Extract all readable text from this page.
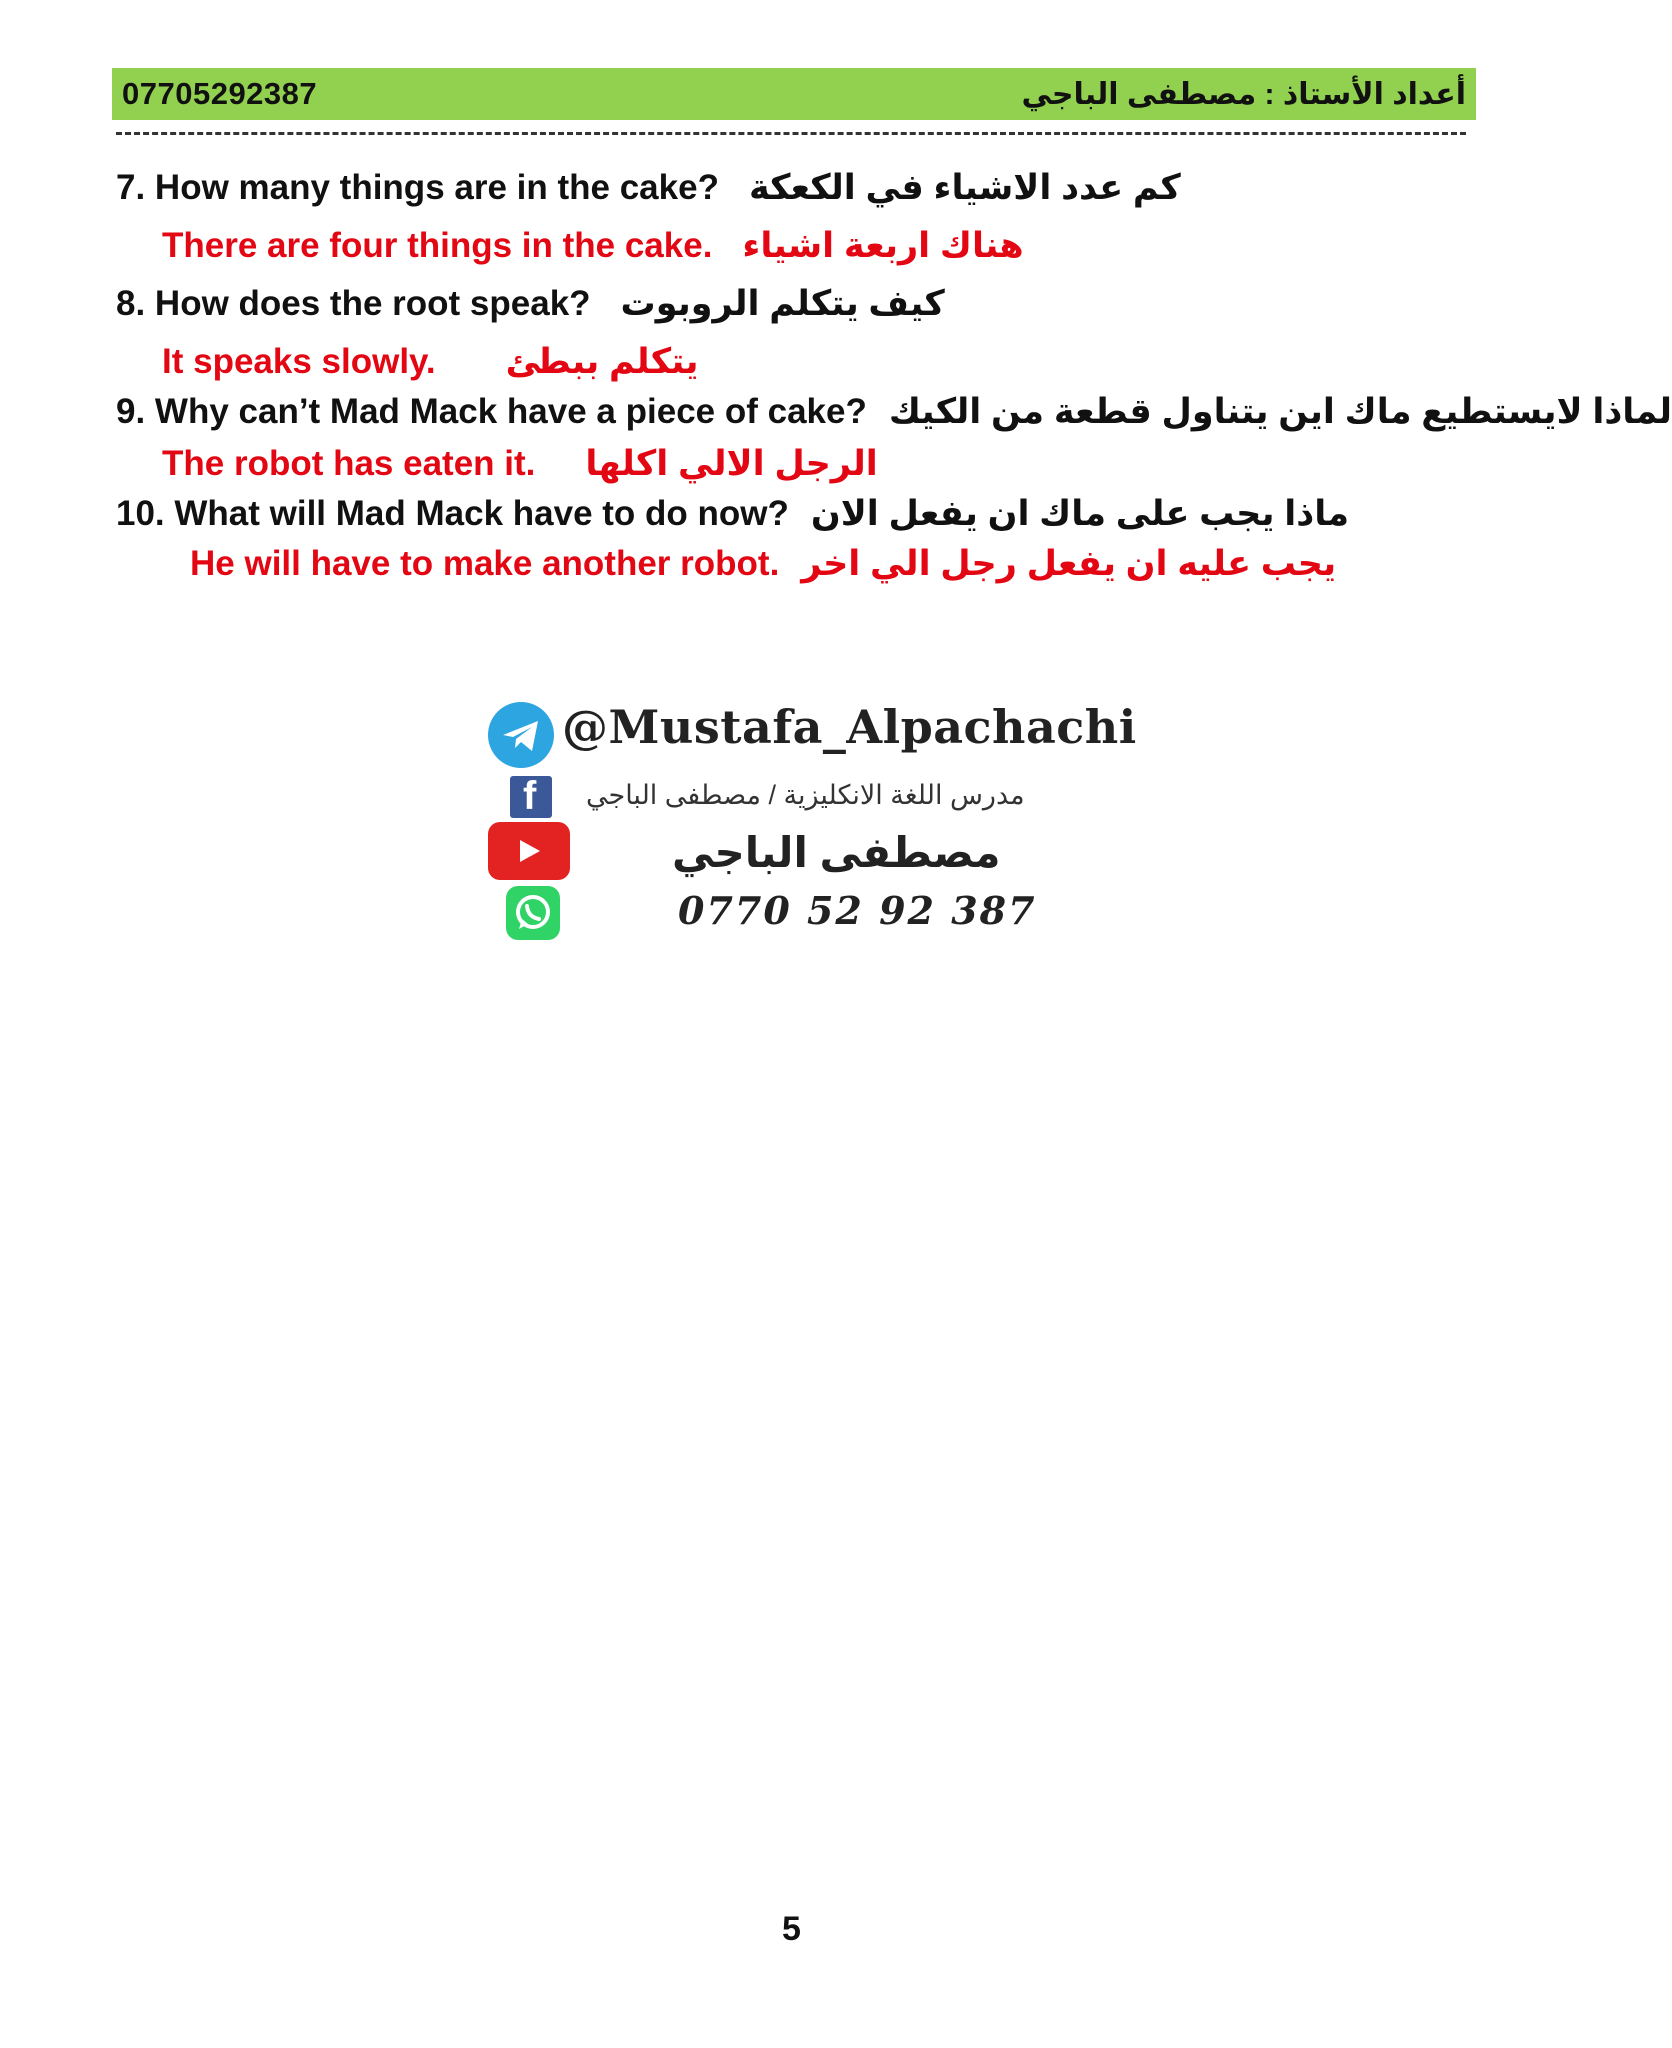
07705292387	أعداد الأستاذ : مصطفى الباجي
7. How many things are in the cake? كم عدد الاشياء في الكعكة
There are four things in the cake. هناك اربعة اشياء
8. How does the root speak? كيف يتكلم الروبوت
It speaks slowly. يتكلم ببطئ
9. Why can’t Mad Mack have a piece of cake? لماذا لايستطيع ماك اين يتناول قطعة من الكيك
The robot has eaten it. الرجل الالي اكلها
10. What will Mad Mack have to do now? ماذا يجب على ماك ان يفعل الان
He will have to make another robot. يجب عليه ان يفعل رجل الي اخر
f
@Mustafa_Alpachachi
مدرس اللغة الانكليزية / مصطفى الباجي
مصطفى الباجي
0770 52 92 387
5
